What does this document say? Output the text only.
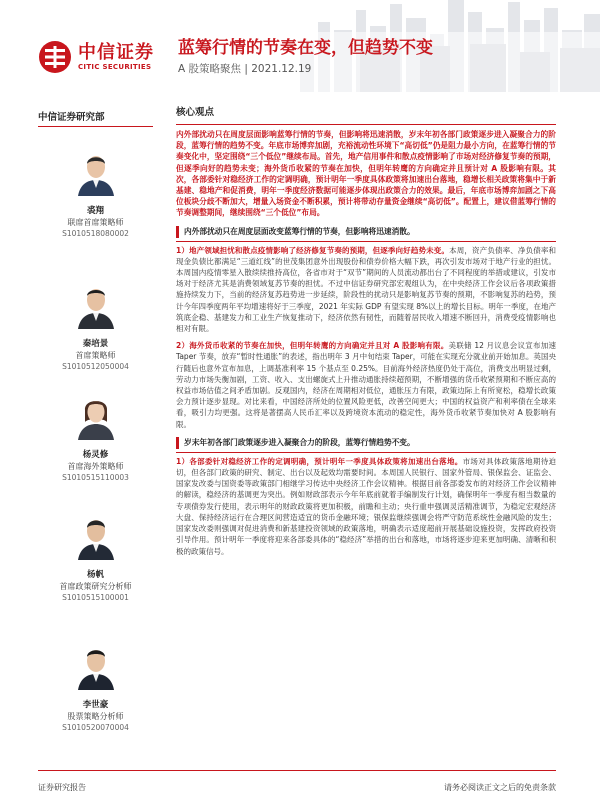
中信证券
CITIC SECURITIES
蓝筹行情的节奏在变，但趋势不变
A 股策略聚焦 | 2021.12.19
中信证券研究部
裘翔
联席首席策略师
S1010518080002
秦培景
首席策略师
S1010512050004
杨灵修
首席海外策略师
S1010515110003
杨帆
首席政策研究分析师
S1010515100001
李世豪
股票策略分析师
S1010520070004
核心观点

内外部扰动只在周度层面影响蓝筹行情的节奏，但影响将迅速消散，岁末年初各部门政策逐步进入凝聚合力的阶段，蓝筹行情的趋势不变。年底市场博弈加剧，充裕流动性环境下“高切低”仍是阻力最小方向，在蓝筹行情的节奏变化中，坚定围绕“三个低位”继续布局。首先，地产信用事件和散点疫情影响了市场对经济修复节奏的预期，但逐季向好的趋势未变；海外货币收紧的节奏在加快，但明年转鹰的方向确定并且预计对 A 股影响有限。其次，各部委针对稳经济工作的定调明确，预计明年一季度具体政策将加速出台落地，稳增长相关政策将集中于新基建、稳地产和促消费，明年一季度经济数据可能逐步体现出政策合力的效果。最后，年底市场博弈加剧之下高位板块分歧不断加大，增量入场资金不断积累，预计将带动存量资金继续“高切低”。配置上，建议借蓝筹行情的节奏调整期间，继续围绕“三个低位”布局。

内外部扰动只在周度层面改变蓝筹行情的节奏，但影响将迅速消散。

1）地产领域担忧和散点疫情影响了经济修复节奏的预期，但逐季向好趋势未变。本周，资产负债率、净负债率和现金负债比都满足“三道红线”的世茂集团意外出现股份和债券价格大幅下跌，再次引发市场对于地产行业的担忧。本周国内疫情零星入散续续推持高位，各省市对于“双节”期间的人员流动都出台了不同程度的举措或建议，引发市场对于经济尤其是消费领域复苏节奏的担忧。不过中信证券研究部宏观组认为，在中央经济工作会议后各项政策措施持续发力下，当前的经济复苏趋势进一步延续，阶段性的扰动只是影响复苏节奏的预期，不影响复苏的趋势，预计今年四季度两年平均增速将好于三季度，2021 年实际 GDP 有望实现 8%以上的增长目标。明年一季度，在地产筑底企稳、基建发力和工业生产恢复推动下，经济依然有韧性，而随着居民收入增速不断回升，消费受疫情影响也相对有限。

2）海外货币收紧的节奏在加快，但明年转鹰的方向确定并且对 A 股影响有限。美联储 12 月议息会议宣布加速 Taper 节奏，放弃“暂时性通胀”的表述，指出明年 3 月中旬结束 Taper，可能在实现充分就业前开始加息。英国央行随后也意外宣布加息，上调基准利率 15 个基点至 0.25%。目前海外经济热度仍处于高位，消费支出明显过剩，劳动力市场失衡加剧，工资、收入、支出螺旋式上升推动通胀持续超预期，不断增强的货币收紧预期和不断应高的权益市场估值之间矛盾加剧。反观国内，经济在周期相对低位，通胀压力有限，政策边际上有所宽松，稳增长政策会力预计逐步显现。对比来看，中国经济所处的位置风险更低，改善空间更大；中国的权益资产和利率债在全球来看，吸引力均更强。这将是著摆高人民币汇率以及跨境资本流动的稳定性，海外货币收紧节奏加快对 A 股影响有限。

岁末年初各部门政策逐步进入凝聚合力的阶段，蓝筹行情趋势不变。

1）各部委针对稳经济工作的定调明确，预计明年一季度具体政策将加速出台落地。市场对具体政策落地期待迫切，但各部门政策的研究、制定、出台以及起效均需要时间。本周国人民银行、国家外管局、银保监会、证监会、国家发改委与国资委等政策部门相继学习传达中央经济工作会议精神。根据目前各部委发布的对经济工作会议精神的解读，稳经济的基调更为突出。例如财政部表示今年年底前就着手编制发行计划，确保明年一季度有相当数量的专项债券发行使用，表示明年的财政政策将更加积极，前瞻和主动；央行重申强调灵活精准调节，为稳定宏观经济大盘、保持经济运行在合理区间营造适宜的货币金融环境；银保监继续强调会将严守防范系统性金融风险的发生；国家发改委则强调对促进消费和新基建投资领域的政策落地，明确表示适度超前开展基础设施投资，发挥政府投资引导作用。预计明年一季度将迎来各部委具体的“稳经济”举措的出台和落地，市场将逐步迎来更加明确、清晰和积极的政策信号。

证券研究报告	请务必阅读正文之后的免责条款
